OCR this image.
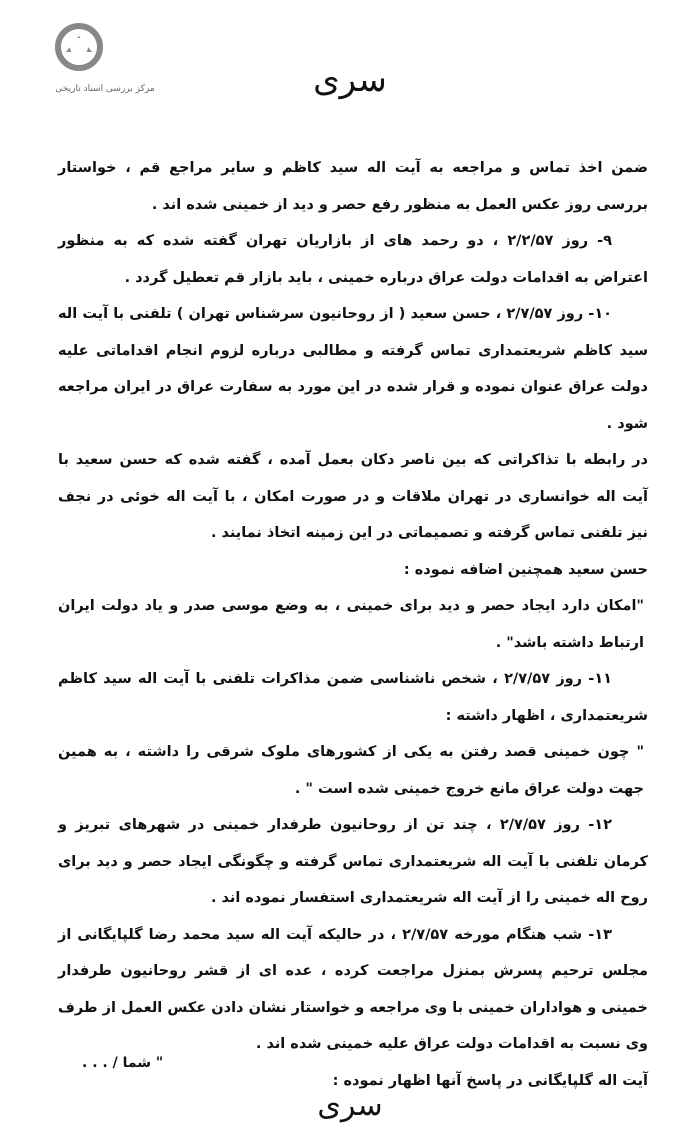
مرکز بررسی اسناد تاریخی	سری

ضمن اخذ تماس و مراجعه به آیت اله سید کاظم و سایر مراجع قم ، خواستار بررسی روز عکس العمل به منظور رفع حصر و دید از خمینی شده اند .

۹- روز ۲/۲/۵۷ ، دو رحمد های از بازاریان تهران گفته شده که به منظور اعتراض به اقدامات دولت عراق درباره خمینی ، باید بازار قم تعطیل گردد .

۱۰- روز ۲/۷/۵۷ ، حسن سعید ( از روحانیون سرشناس تهران ) تلفنی با آیت اله سید کاظم شریعتمداری تماس گرفته و مطالبی درباره لزوم انجام اقداماتی علیه دولت عراق عنوان نموده و قرار شده در این مورد به سفارت عراق در ایران مراجعه شود .

در رابطه با تذاکراتی که بین ناصر دکان بعمل آمده ، گفته شده که حسن سعید با آیت اله خوانساری در تهران ملاقات و در صورت امکان ، با آیت اله خوئی در نجف نیز تلفنی تماس گرفته و تصمیماتی در این زمینه اتخاذ نمایند .

حسن سعید همچنین اضافه نموده :

"امکان دارد ایجاد حصر و دید برای خمینی ، به وضع موسی صدر و یاد دولت ایران ارتباط داشته باشد" .

۱۱- روز ۲/۷/۵۷ ، شخص ناشناسی ضمن مذاکرات تلفنی با آیت اله سید کاظم شریعتمداری ، اظهار داشته :

" چون خمینی قصد رفتن به یکی از کشورهای ملوک شرقی را داشته ، به همین جهت دولت عراق مانع خروج خمینی شده است " .

۱۲- روز ۲/۷/۵۷ ، چند تن از روحانیون طرفدار خمینی در شهرهای تبریز و کرمان تلفنی با آیت اله شریعتمداری تماس گرفته و چگونگی ایجاد حصر و دید برای روح اله خمینی را از آیت اله شریعتمداری استفسار نموده اند .

۱۳- شب هنگام مورخه ۲/۷/۵۷ ، در حالیکه آیت اله سید محمد رضا گلپایگانی از مجلس ترحیم پسرش بمنزل مراجعت کرده ، عده ای از قشر روحانیون طرفدار خمینی و هواداران خمینی با وی مراجعه و خواستار نشان دادن عکس العمل از طرف وی نسبت به اقدامات دولت عراق علیه خمینی شده اند .

آیت اله گلپایگانی در پاسخ آنها اظهار نموده :

" شما / . . .
سری
